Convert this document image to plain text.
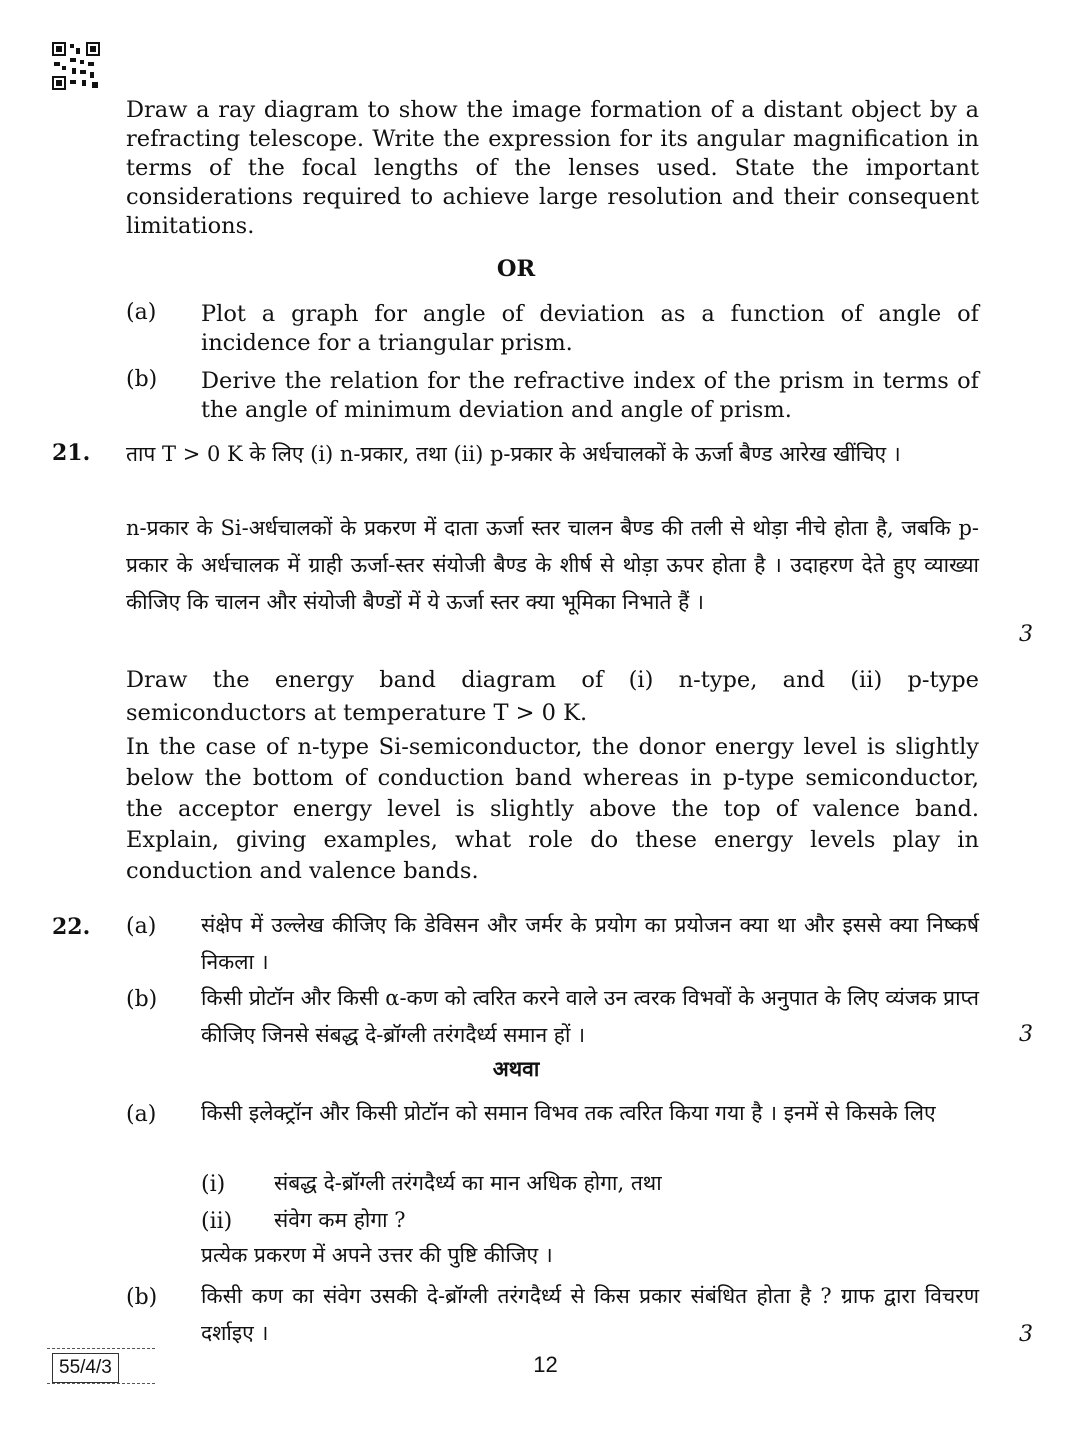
Draw a ray diagram to show the image formation of a distant object by a refracting telescope. Write the expression for its angular magnification in terms of the focal lengths of the lenses used. State the important considerations required to achieve large resolution and their consequent limitations.
OR
(a) Plot a graph for angle of deviation as a function of angle of incidence for a triangular prism.
(b) Derive the relation for the refractive index of the prism in terms of the angle of minimum deviation and angle of prism.
21. ताप T > 0 K के लिए (i) n-प्रकार, तथा (ii) p-प्रकार के अर्धचालकों के ऊर्जा बैण्ड आरेख खींचिए ।
n-प्रकार के Si-अर्धचालकों के प्रकरण में दाता ऊर्जा स्तर चालन बैण्ड की तली से थोड़ा नीचे होता है, जबकि p-प्रकार के अर्धचालक में ग्राही ऊर्जा-स्तर संयोजी बैण्ड के शीर्ष से थोड़ा ऊपर होता है । उदाहरण देते हुए व्याख्या कीजिए कि चालन और संयोजी बैण्डों में ये ऊर्जा स्तर क्या भूमिका निभाते हैं ।
3
Draw the energy band diagram of (i) n-type, and (ii) p-type semiconductors at temperature T > 0 K.
In the case of n-type Si-semiconductor, the donor energy level is slightly below the bottom of conduction band whereas in p-type semiconductor, the acceptor energy level is slightly above the top of valence band. Explain, giving examples, what role do these energy levels play in conduction and valence bands.
22. (a) संक्षेप में उल्लेख कीजिए कि डेविसन और जर्मर के प्रयोग का प्रयोजन क्या था और इससे क्या निष्कर्ष निकला ।
(b) किसी प्रोटॉन और किसी α-कण को त्वरित करने वाले उन त्वरक विभवों के अनुपात के लिए व्यंजक प्राप्त कीजिए जिनसे संबद्ध दे-ब्रॉग्ली तरंगदैर्ध्य समान हों ।	3
अथवा
(a) किसी इलेक्ट्रॉन और किसी प्रोटॉन को समान विभव तक त्वरित किया गया है । इनमें से किसके लिए
(i) संबद्ध दे-ब्रॉग्ली तरंगदैर्ध्य का मान अधिक होगा, तथा
(ii) संवेग कम होगा ?
प्रत्येक प्रकरण में अपने उत्तर की पुष्टि कीजिए ।
(b) किसी कण का संवेग उसकी दे-ब्रॉग्ली तरंगदैर्ध्य से किस प्रकार संबंधित होता है ? ग्राफ द्वारा विचरण दर्शाइए ।	3
55/4/3	12
